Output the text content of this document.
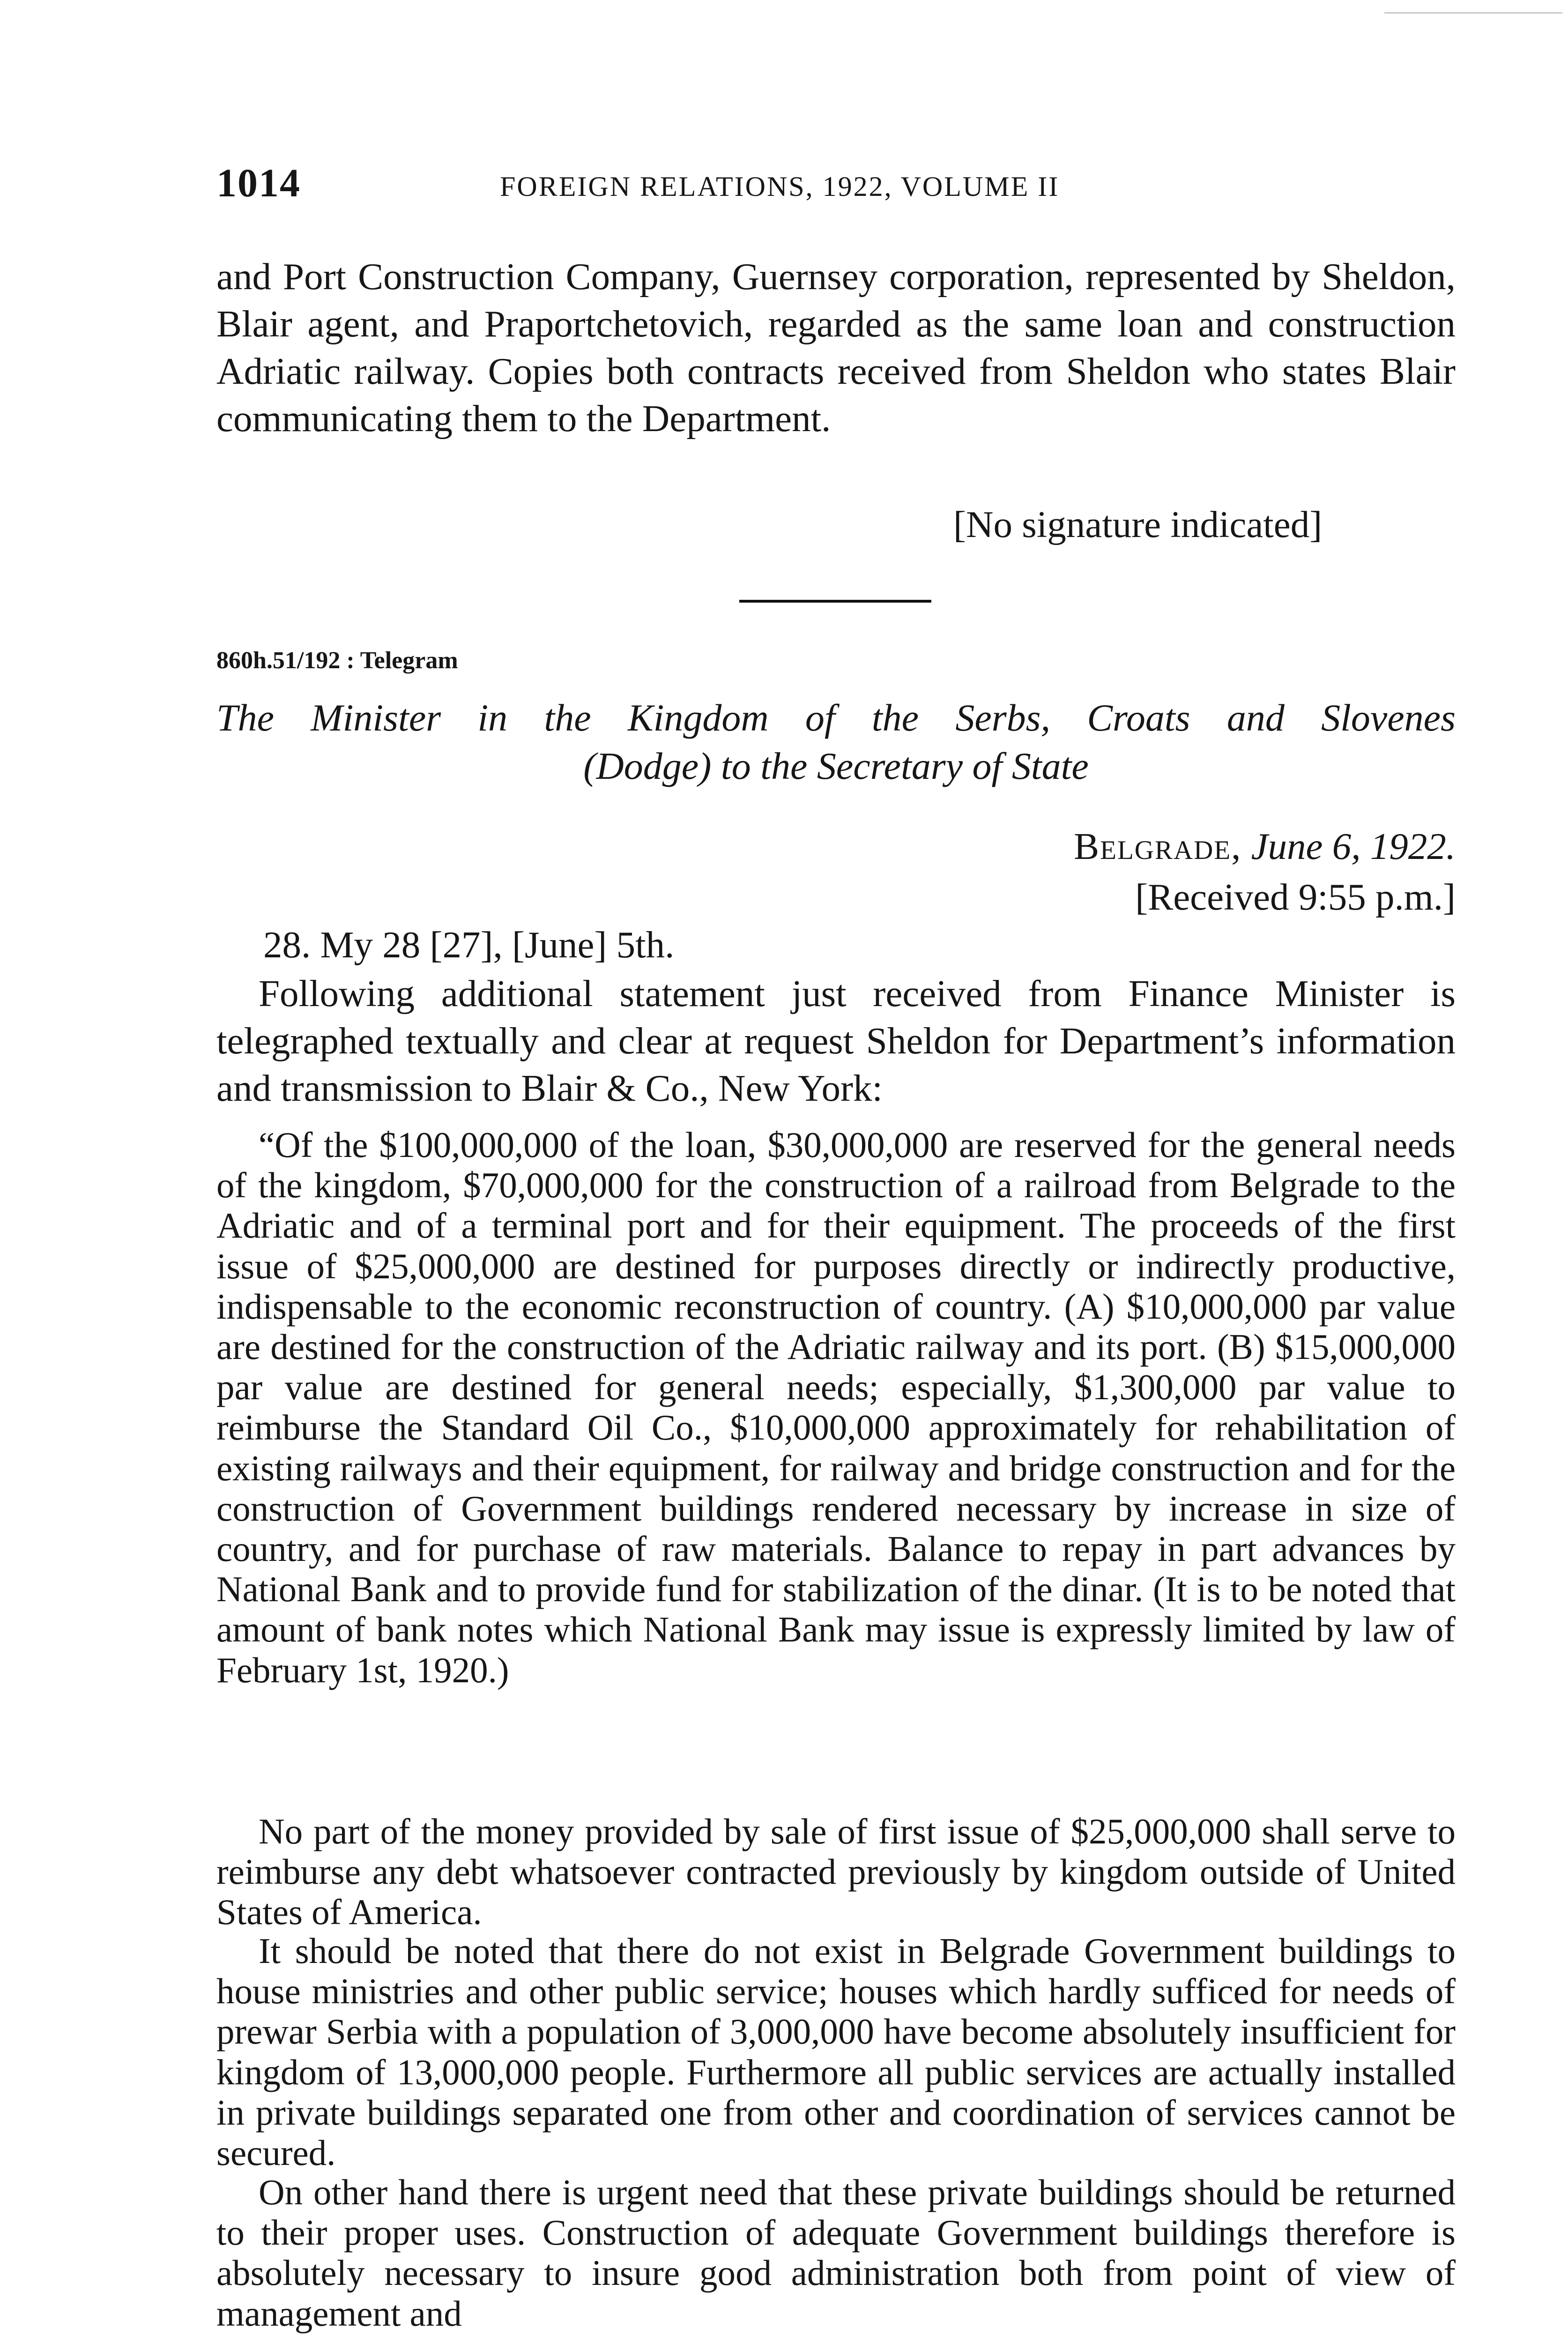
1014	FOREIGN RELATIONS, 1922, VOLUME II

and Port Construction Company, Guernsey corporation, represented by Sheldon, Blair agent, and Praportchetovich, regarded as the same loan and construction Adriatic railway. Copies both contracts received from Sheldon who states Blair communicating them to the Department.

[No signature indicated]
860h.51/192 : Telegram
The Minister in the Kingdom of the Serbs, Croats and Slovenes
(Dodge) to the Secretary of State
Belgrade, June 6, 1922.
[Received 9:55 p.m.]
28. My 28 [27], [June] 5th.

Following additional statement just received from Finance Minister is telegraphed textually and clear at request Sheldon for Department’s information and transmission to Blair & Co., New York:

“Of the $100,000,000 of the loan, $30,000,000 are reserved for the general needs of the kingdom, $70,000,000 for the construction of a railroad from Belgrade to the Adriatic and of a terminal port and for their equipment. The proceeds of the first issue of $25,000,000 are destined for purposes directly or indirectly productive, indispensable to the economic reconstruction of country. (A) $10,000,000 par value are destined for the construction of the Adriatic railway and its port. (B) $15,000,000 par value are destined for general needs; especially, $1,300,000 par value to reimburse the Standard Oil Co., $10,000,000 approximately for rehabilitation of existing railways and their equipment, for railway and bridge construction and for the construction of Government buildings rendered necessary by increase in size of country, and for purchase of raw materials. Balance to repay in part advances by National Bank and to provide fund for stabilization of the dinar. (It is to be noted that amount of bank notes which National Bank may issue is expressly limited by law of February 1st, 1920.)

No part of the money provided by sale of first issue of $25,000,000 shall serve to reimburse any debt whatsoever contracted previously by kingdom outside of United States of America.

It should be noted that there do not exist in Belgrade Government buildings to house ministries and other public service; houses which hardly sufficed for needs of prewar Serbia with a population of 3,000,000 have become absolutely insufficient for kingdom of 13,000,000 people. Furthermore all public services are actually installed in private buildings separated one from other and coordination of services cannot be secured.

On other hand there is urgent need that these private buildings should be returned to their proper uses. Construction of adequate Government buildings therefore is absolutely necessary to insure good administration both from point of view of management and
